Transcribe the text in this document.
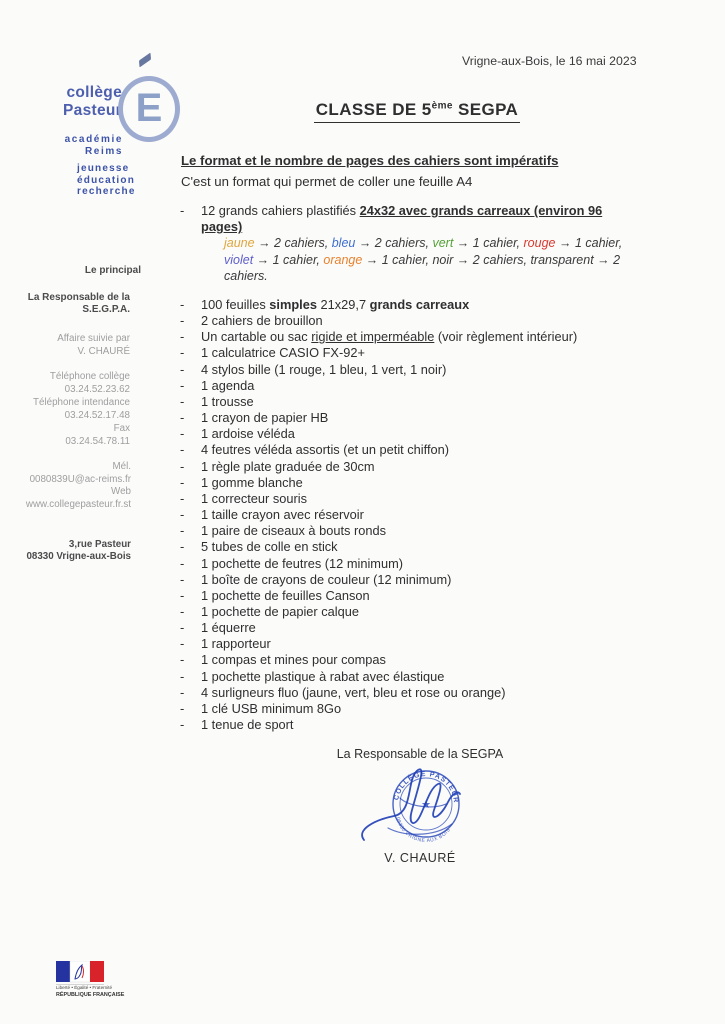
collège
Pasteur E
académie
Reims
jeunesse
éducation
recherche
Le principal
La Responsable de la
S.E.G.P.A.
Affaire suivie par
V. CHAURÉ
Téléphone collège
03.24.52.23.62
Téléphone intendance
03.24.52.17.48
Fax
03.24.54.78.11
Mél.
0080839U@ac-reims.fr
Web
www.collegepasteur.fr.st
3,rue Pasteur
08330 Vrigne-aux-Bois
Vrigne-aux-Bois, le 16 mai 2023
CLASSE DE 5ème SEGPA
Le format et le nombre de pages des cahiers sont impératifs
C'est un format qui permet de coller une feuille A4
-	12 grands cahiers plastifiés 24x32 avec grands carreaux (environ 96 pages)
jaune → 2 cahiers, bleu → 2 cahiers, vert → 1 cahier, rouge → 1 cahier, violet → 1 cahier, orange → 1 cahier, noir → 2 cahiers, transparent → 2 cahiers.
-	100 feuilles simples 21x29,7 grands carreaux
-	2 cahiers de brouillon
-	Un cartable ou sac rigide et imperméable (voir règlement intérieur)
-	1 calculatrice CASIO FX-92+
-	4 stylos bille (1 rouge, 1 bleu, 1 vert, 1 noir)
-	1 agenda
-	1 trousse
-	1 crayon de papier HB
-	1 ardoise véléda
-	4 feutres véléda assortis (et un petit chiffon)
-	1 règle plate graduée de 30cm
-	1 gomme blanche
-	1 correcteur souris
-	1 taille crayon avec réservoir
-	1 paire de ciseaux à bouts ronds
-	5 tubes de colle en stick
-	1 pochette de feutres (12 minimum)
-	1 boîte de crayons de couleur (12 minimum)
-	1 pochette de feuilles Canson
-	1 pochette de papier calque
-	1 équerre
-	1 rapporteur
-	1 compas et mines pour compas
-	1 pochette plastique à rabat avec élastique
-	4 surligneurs fluo (jaune, vert, bleu et rose ou orange)
-	1 clé USB minimum 8Go
-	1 tenue de sport
La Responsable de la SEGPA
COLLÈGE PASTEUR
08330 VRIGNE AUX BOIS
★
V. CHAURÉ
Liberté • Égalité • Fraternité
RÉPUBLIQUE FRANÇAISE
